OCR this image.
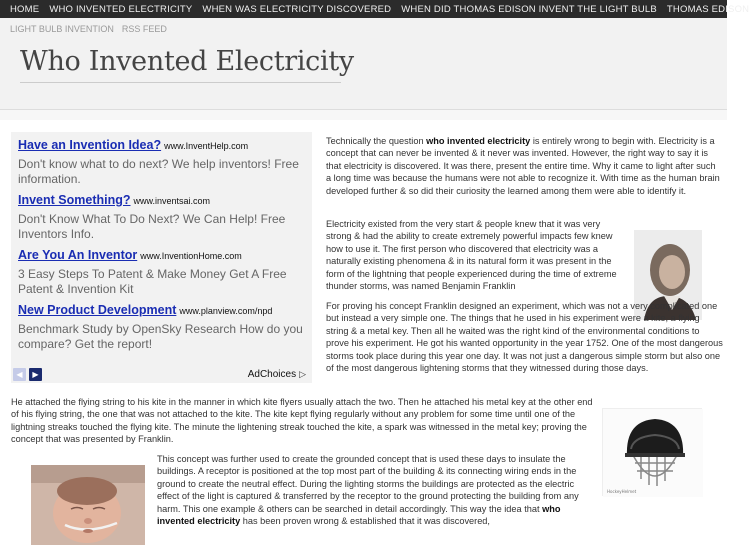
HOME WHO INVENTED ELECTRICITY WHEN WAS ELECTRICITY DISCOVERED WHEN DID THOMAS EDISON INVENT THE LIGHT BULB THOMAS EDISON
LIGHT BULB INVENTION RSS FEED
Who Invented Electricity
Have an Invention Idea? www.InventHelp.com
Don't know what to do next? We help inventors! Free information.
Invent Something? www.inventsai.com
Don't Know What To Do Next? We Can Help! Free Inventors Info.
Are You An Inventor www.InventionHome.com
3 Easy Steps To Patent & Make Money Get A Free Patent & Invention Kit
New Product Development www.planview.com/npd
Benchmark Study by OpenSky Research How do you compare? Get the report!
◀	▶	AdChoices ▷
Technically the question who invented electricity is entirely wrong to begin with. Electricity is a concept that can never be invented & it never was invented. However, the right way to say it is that electricity is discovered. It was there, present the entire time. Why it came to light after such a long time was because the humans were not able to recognize it. With time as the human brain developed further & so did their curiosity the learned among them were able to identify it.
Electricity existed from the very start & people knew that it was very strong & had the ability to create extremely powerful impacts few knew how to use it. The first person who discovered that electricity was a naturally existing phenomena & in its natural form it was present in the form of the lightning that people experienced during the time of extreme thunder storms, was named Benjamin Franklin
For proving his concept Franklin designed an experiment, which was not a very complicated one but instead a very simple one. The things that he used in his experiment were a kite, a flying string & a metal key. Then all he waited was the right kind of the environmental conditions to prove his experiment. He got his wanted opportunity in the year 1752. One of the most dangerous storms took place during this year one day. It was not just a dangerous simple storm but also one of the most dangerous lightening storms that they witnessed during those days.
He attached the flying string to his kite in the manner in which kite flyers usually attach the two. Then he attached his metal key at the other end of his flying string, the one that was not attached to the kite. The kite kept flying regularly without any problem for some time until one of the lightning streaks touched the flying kite. The minute the lightening streak touched the kite, a spark was witnessed in the metal key; proving the concept that was presented by Franklin.
HockeyHelmet
This concept was further used to create the grounded concept that is used these days to insulate the buildings. A receptor is positioned at the top most part of the building & its connecting wiring ends in the ground to create the neutral effect. During the lighting storms the buildings are protected as the electric effect of the light is captured & transferred by the receptor to the ground protecting the building from any harm. This one example & others can be searched in detail accordingly. This way the idea that who invented electricity has been proven wrong & established that it was discovered,
